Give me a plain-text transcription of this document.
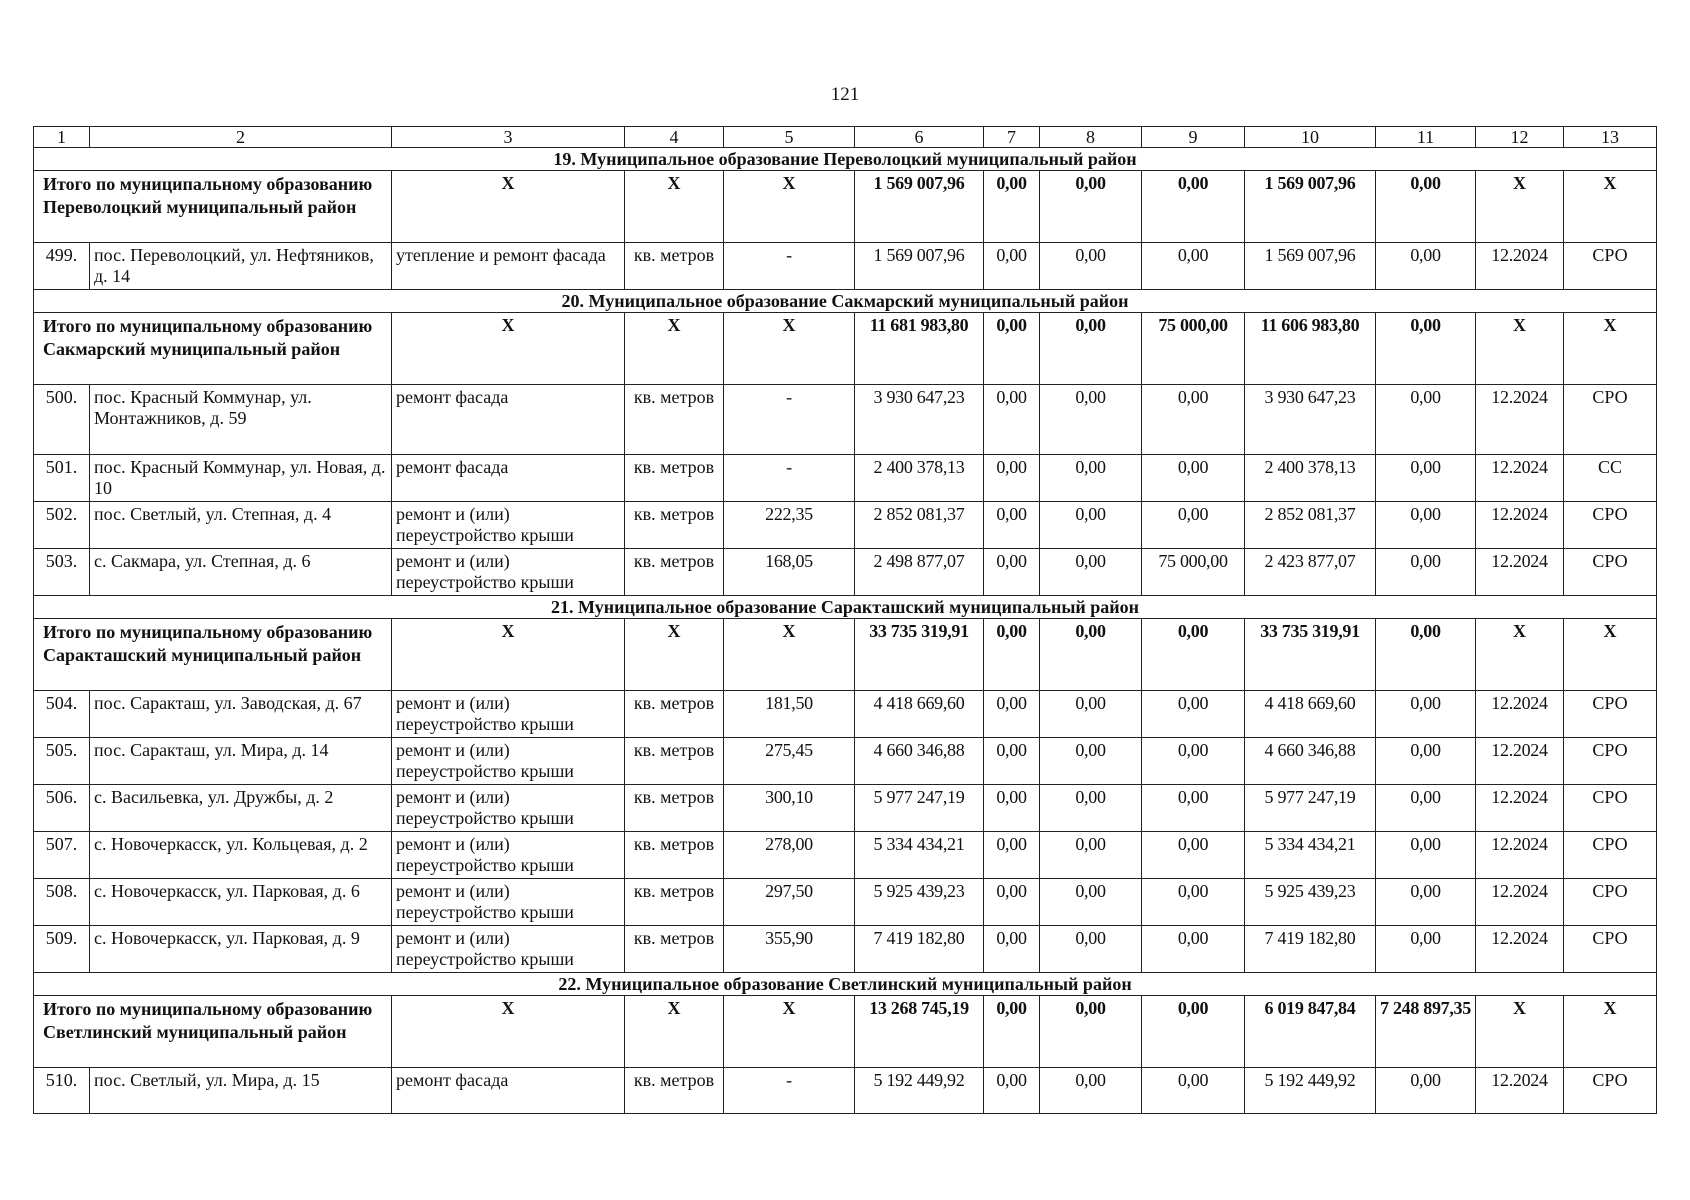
121
1	2	3	4	5	6	7	8	9	10	11	12	13
19. Муниципальное образование Переволоцкий муниципальный район												
Итого по муниципальному образованию Переволоцкий муниципальный район		X	X	X	1 569 007,96	0,00	0,00	0,00	1 569 007,96	0,00	X	X
499.	пос. Переволоцкий, ул. Нефтяников, д. 14	утепление и ремонт фасада	кв. метров	-	1 569 007,96	0,00	0,00	0,00	1 569 007,96	0,00	12.2024	СРО
20. Муниципальное образование Сакмарский муниципальный район												
Итого по муниципальному образованию Сакмарский муниципальный район		X	X	X	11 681 983,80	0,00	0,00	75 000,00	11 606 983,80	0,00	X	X
500.	пос. Красный Коммунар, ул. Монтажников, д. 59	ремонт фасада	кв. метров	-	3 930 647,23	0,00	0,00	0,00	3 930 647,23	0,00	12.2024	СРО
501.	пос. Красный Коммунар, ул. Новая, д. 10	ремонт фасада	кв. метров	-	2 400 378,13	0,00	0,00	0,00	2 400 378,13	0,00	12.2024	СС
502.	пос. Светлый, ул. Степная, д. 4	ремонт и (или) переустройство крыши	кв. метров	222,35	2 852 081,37	0,00	0,00	0,00	2 852 081,37	0,00	12.2024	СРО
503.	с. Сакмара, ул. Степная, д. 6	ремонт и (или) переустройство крыши	кв. метров	168,05	2 498 877,07	0,00	0,00	75 000,00	2 423 877,07	0,00	12.2024	СРО
21. Муниципальное образование Саракташский муниципальный район												
Итого по муниципальному образованию Саракташский муниципальный район		X	X	X	33 735 319,91	0,00	0,00	0,00	33 735 319,91	0,00	X	X
504.	пос. Саракташ, ул. Заводская, д. 67	ремонт и (или) переустройство крыши	кв. метров	181,50	4 418 669,60	0,00	0,00	0,00	4 418 669,60	0,00	12.2024	СРО
505.	пос. Саракташ, ул. Мира, д. 14	ремонт и (или) переустройство крыши	кв. метров	275,45	4 660 346,88	0,00	0,00	0,00	4 660 346,88	0,00	12.2024	СРО
506.	с. Васильевка, ул. Дружбы, д. 2	ремонт и (или) переустройство крыши	кв. метров	300,10	5 977 247,19	0,00	0,00	0,00	5 977 247,19	0,00	12.2024	СРО
507.	с. Новочеркасск, ул. Кольцевая, д. 2	ремонт и (или) переустройство крыши	кв. метров	278,00	5 334 434,21	0,00	0,00	0,00	5 334 434,21	0,00	12.2024	СРО
508.	с. Новочеркасск, ул. Парковая, д. 6	ремонт и (или) переустройство крыши	кв. метров	297,50	5 925 439,23	0,00	0,00	0,00	5 925 439,23	0,00	12.2024	СРО
509.	с. Новочеркасск, ул. Парковая, д. 9	ремонт и (или) переустройство крыши	кв. метров	355,90	7 419 182,80	0,00	0,00	0,00	7 419 182,80	0,00	12.2024	СРО
22. Муниципальное образование Светлинский муниципальный район												
Итого по муниципальному образованию Светлинский муниципальный район		X	X	X	13 268 745,19	0,00	0,00	0,00	6 019 847,84	7 248 897,35	X	X
510.	пос. Светлый, ул. Мира, д. 15	ремонт фасада	кв. метров	-	5 192 449,92	0,00	0,00	0,00	5 192 449,92	0,00	12.2024	СРО
